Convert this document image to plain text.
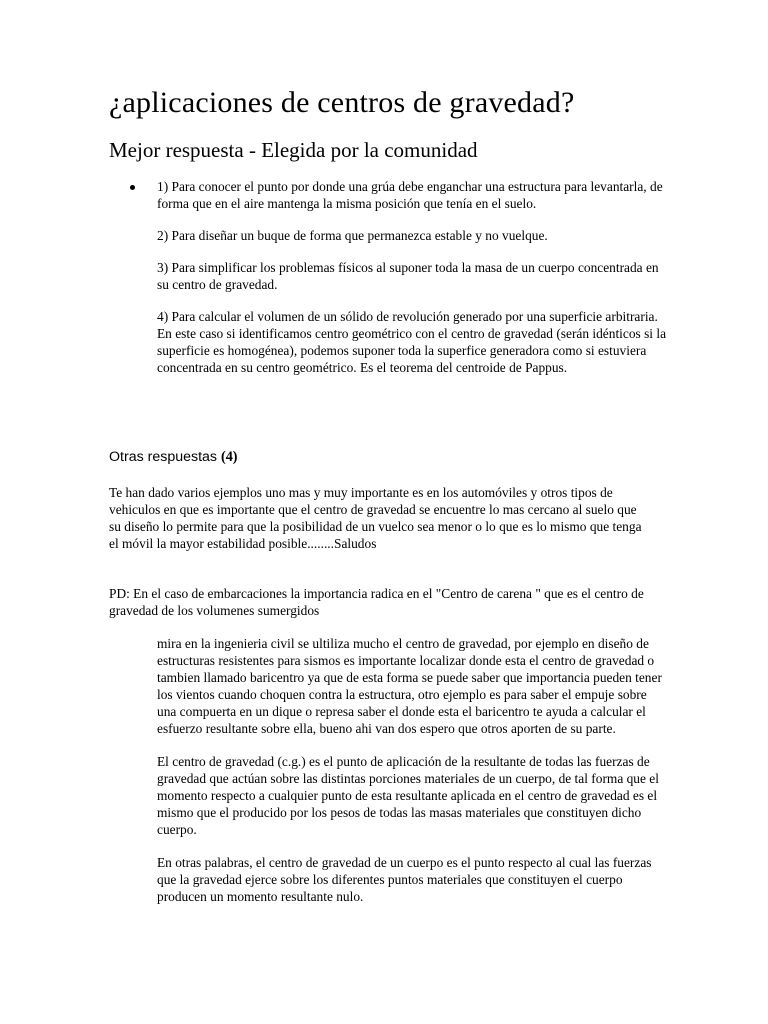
¿aplicaciones de centros de gravedad?
Mejor respuesta - Elegida por la comunidad

1) Para conocer el punto por donde una grúa debe enganchar una estructura para levantarla, de forma que en el aire mantenga la misma posición que tenía en el suelo.

2) Para diseñar un buque de forma que permanezca estable y no vuelque.

3) Para simplificar los problemas físicos al suponer toda la masa de un cuerpo concentrada en su centro de gravedad.

4) Para calcular el volumen de un sólido de revolución generado por una superficie arbitraria. En este caso si identificamos centro geométrico con el centro de gravedad (serán idénticos si la superficie es homogénea), podemos suponer toda la superfice generadora como si estuviera concentrada en su centro geométrico. Es el teorema del centroide de Pappus.

Otras respuestas (4)

Te han dado varios ejemplos uno mas y muy importante es en los automóviles y otros tipos de vehiculos en que es importante que el centro de gravedad se encuentre lo mas cercano al suelo que su diseño lo permite para que la posibilidad de un vuelco sea menor o lo que es lo mismo que tenga el móvil la mayor estabilidad posible........Saludos

PD: En el caso de embarcaciones la importancia radica en el "Centro de carena " que es el centro de gravedad de los volumenes sumergidos

mira en la ingenieria civil se ultiliza mucho el centro de gravedad, por ejemplo en diseño de estructuras resistentes para sismos es importante localizar donde esta el centro de gravedad o tambien llamado baricentro ya que de esta forma se puede saber que importancia pueden tener los vientos cuando choquen contra la estructura, otro ejemplo es para saber el empuje sobre una compuerta en un dique o represa saber el donde esta el baricentro te ayuda a calcular el esfuerzo resultante sobre ella, bueno ahi van dos espero que otros aporten de su parte.

El centro de gravedad (c.g.) es el punto de aplicación de la resultante de todas las fuerzas de gravedad que actúan sobre las distintas porciones materiales de un cuerpo, de tal forma que el momento respecto a cualquier punto de esta resultante aplicada en el centro de gravedad es el mismo que el producido por los pesos de todas las masas materiales que constituyen dicho cuerpo.

En otras palabras, el centro de gravedad de un cuerpo es el punto respecto al cual las fuerzas que la gravedad ejerce sobre los diferentes puntos materiales que constituyen el cuerpo producen un momento resultante nulo.
